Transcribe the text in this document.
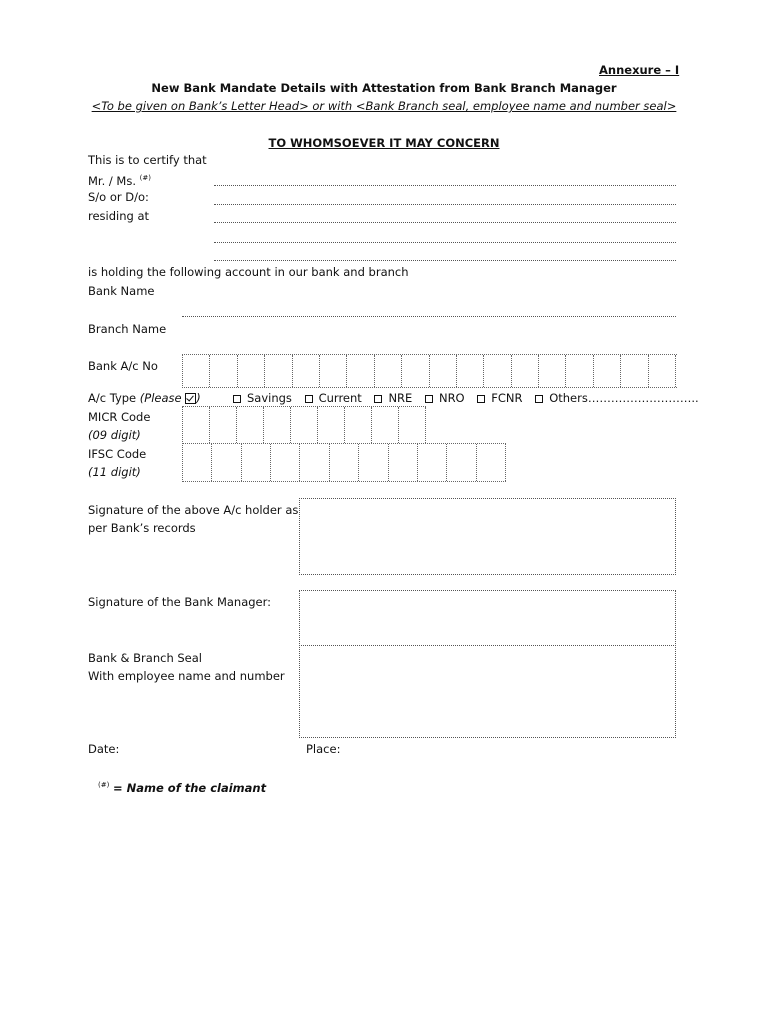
Annexure – I
New Bank Mandate Details with Attestation from Bank Branch Manager
<To be given on Bank’s Letter Head> or with <Bank Branch seal, employee name and number seal>
TO WHOMSOEVER IT MAY CONCERN
This is to certify that
Mr. / Ms. (#)
S/o or D/o:
residing at
is holding the following account in our bank and branch
Bank Name
Branch Name
Bank A/c No
A/c Type (Please )	Savings Current NRE NRO FCNR Others………………………..
MICR Code
(09 digit)
IFSC Code
(11 digit)
Signature of the above A/c holder as
per Bank’s records
Signature of the Bank Manager:
Bank & Branch Seal
With employee name and number
Date:	Place:
(#) = Name of the claimant
